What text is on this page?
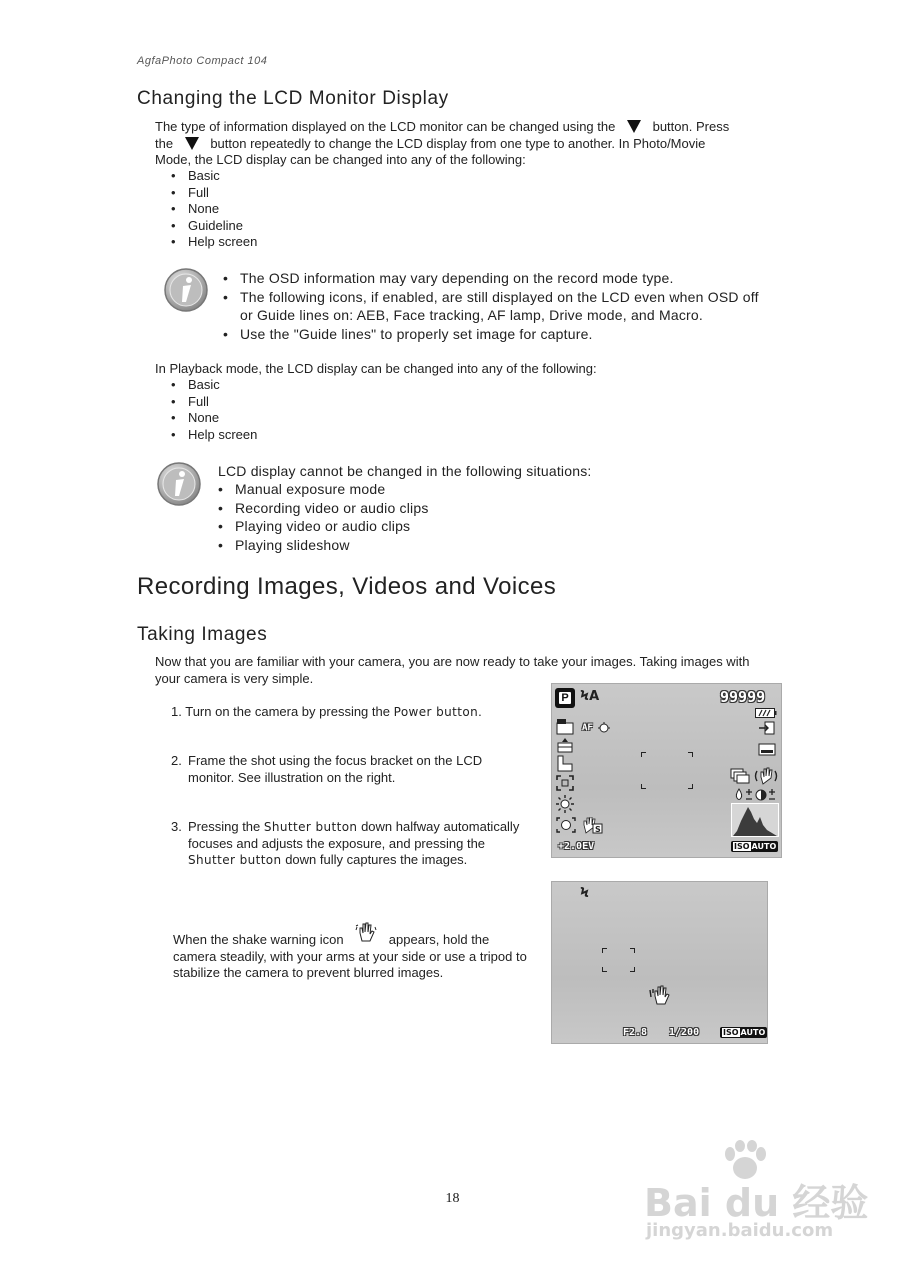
AgfaPhoto Compact 104
Changing the LCD Monitor Display
The type of information displayed on the LCD monitor can be changed using the	button. Press
the	button repeatedly to change the LCD display from one type to another. In Photo/Movie
Mode, the LCD display can be changed into any of the following:
• Basic
• Full
• None
• Guideline
• Help screen
• The OSD information may vary depending on the record mode type.
• The following icons, if enabled, are still displayed on the LCD even when OSD off or Guide lines on: AEB, Face tracking, AF lamp, Drive mode, and Macro.
• Use the "Guide lines" to properly set image for capture.
In Playback mode, the LCD display can be changed into any of the following:
• Basic
• Full
• None
• Help screen
LCD display cannot be changed in the following situations:
• Manual exposure mode
• Recording video or audio clips
• Playing video or audio clips
• Playing slideshow
Recording Images, Videos and Voices
Taking Images
Now that you are familiar with your camera, you are now ready to take your images. Taking images with your camera is very simple.
1. Turn on the camera by pressing the Power button.
2. Frame the shot using the focus bracket on the LCD monitor. See illustration on the right.
3. Pressing the Shutter button down halfway automatically focuses and adjusts the exposure, and pressing the Shutter button down fully captures the images.
When the shake warning icon	appears, hold the
camera steadily, with your arms at your side or use a tripod to stabilize the camera to prevent blurred images.
P ϞA	99999
AF
S
+2.0EV	ISO AUTO
Ϟ
F2.8 1/200	ISO AUTO
18	Bai du 经验
jingyan.baidu.com
